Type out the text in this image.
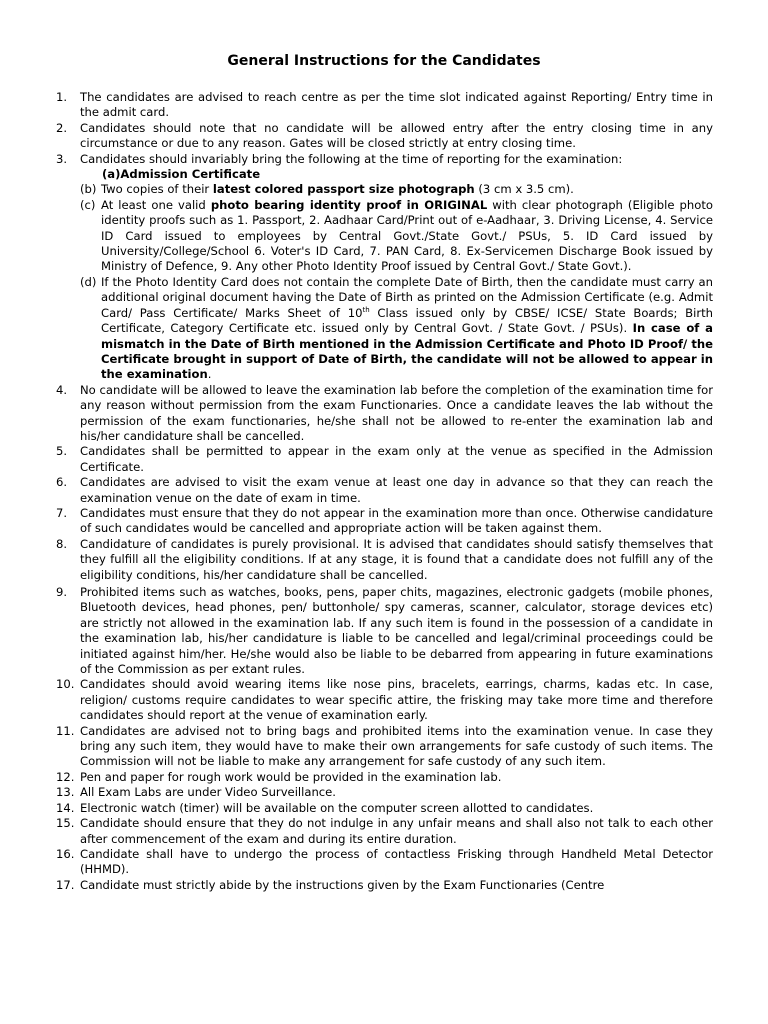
General Instructions for the Candidates
1.	The candidates are advised to reach centre as per the time slot indicated against Reporting/ Entry time in the admit card.
2.	Candidates should note that no candidate will be allowed entry after the entry closing time in any circumstance or due to any reason. Gates will be closed strictly at entry closing time.
3.	Candidates should invariably bring the following at the time of reporting for the examination:
(a)Admission Certificate
(b) Two copies of their latest colored passport size photograph (3 cm x 3.5 cm).
(c) At least one valid photo bearing identity proof in ORIGINAL with clear photograph (Eligible photo identity proofs such as 1. Passport, 2. Aadhaar Card/Print out of e-Aadhaar, 3. Driving License, 4. Service ID Card issued to employees by Central Govt./State Govt./ PSUs, 5. ID Card issued by University/College/School 6. Voter's ID Card, 7. PAN Card, 8. Ex-Servicemen Discharge Book issued by Ministry of Defence, 9. Any other Photo Identity Proof issued by Central Govt./ State Govt.).
(d) If the Photo Identity Card does not contain the complete Date of Birth, then the candidate must carry an additional original document having the Date of Birth as printed on the Admission Certificate (e.g. Admit Card/ Pass Certificate/ Marks Sheet of 10th Class issued only by CBSE/ ICSE/ State Boards; Birth Certificate, Category Certificate etc. issued only by Central Govt. / State Govt. / PSUs). In case of a mismatch in the Date of Birth mentioned in the Admission Certificate and Photo ID Proof/ the Certificate brought in support of Date of Birth, the candidate will not be allowed to appear in the examination.
4.	No candidate will be allowed to leave the examination lab before the completion of the examination time for any reason without permission from the exam Functionaries. Once a candidate leaves the lab without the permission of the exam functionaries, he/she shall not be allowed to re-enter the examination lab and his/her candidature shall be cancelled.
5.	Candidates shall be permitted to appear in the exam only at the venue as specified in the Admission Certificate.
6.	Candidates are advised to visit the exam venue at least one day in advance so that they can reach the examination venue on the date of exam in time.
7.	Candidates must ensure that they do not appear in the examination more than once. Otherwise candidature of such candidates would be cancelled and appropriate action will be taken against them.
8.	Candidature of candidates is purely provisional. It is advised that candidates should satisfy themselves that they fulfill all the eligibility conditions. If at any stage, it is found that a candidate does not fulfill any of the eligibility conditions, his/her candidature shall be cancelled.
9.	Prohibited items such as watches, books, pens, paper chits, magazines, electronic gadgets (mobile phones, Bluetooth devices, head phones, pen/ buttonhole/ spy cameras, scanner, calculator, storage devices etc) are strictly not allowed in the examination lab. If any such item is found in the possession of a candidate in the examination lab, his/her candidature is liable to be cancelled and legal/criminal proceedings could be initiated against him/her. He/she would also be liable to be debarred from appearing in future examinations of the Commission as per extant rules.
10. Candidates should avoid wearing items like nose pins, bracelets, earrings, charms, kadas etc. In case, religion/ customs require candidates to wear specific attire, the frisking may take more time and therefore candidates should report at the venue of examination early.
11. Candidates are advised not to bring bags and prohibited items into the examination venue. In case they bring any such item, they would have to make their own arrangements for safe custody of such items. The Commission will not be liable to make any arrangement for safe custody of any such item.
12. Pen and paper for rough work would be provided in the examination lab.
13. All Exam Labs are under Video Surveillance.
14. Electronic watch (timer) will be available on the computer screen allotted to candidates.
15. Candidate should ensure that they do not indulge in any unfair means and shall also not talk to each other after commencement of the exam and during its entire duration.
16. Candidate shall have to undergo the process of contactless Frisking through Handheld Metal Detector (HHMD).
17. Candidate must strictly abide by the instructions given by the Exam Functionaries (Centre
